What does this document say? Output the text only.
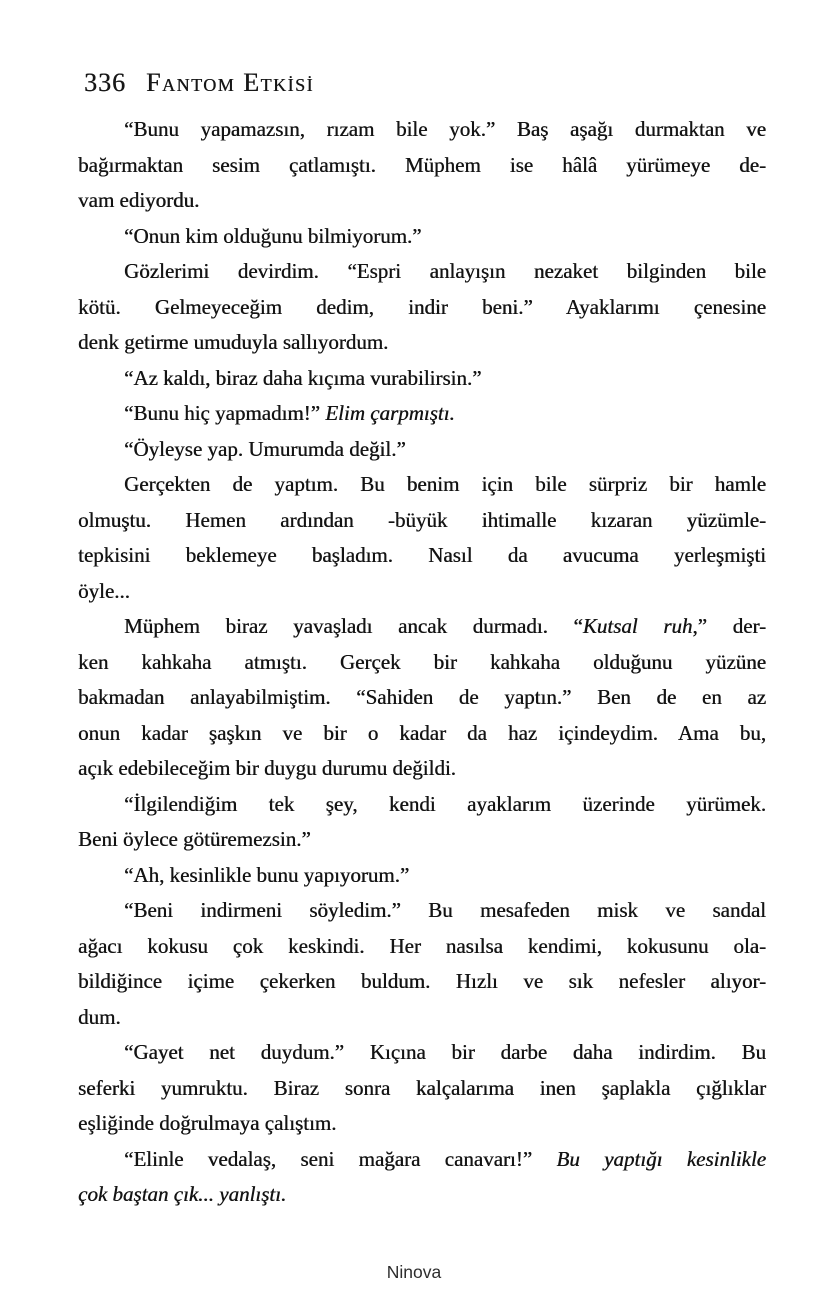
336 Fantom Etkisi
“Bunu yapamazsın, rızam bile yok.” Baş aşağı durmaktan ve
bağırmaktan sesim çatlamıştı. Müphem ise hâlâ yürümeye de-
vam ediyordu.
“Onun kim olduğunu bilmiyorum.”
Gözlerimi devirdim. “Espri anlayışın nezaket bilginden bile
kötü. Gelmeyeceğim dedim, indir beni.” Ayaklarımı çenesine
denk getirme umuduyla sallıyordum.
“Az kaldı, biraz daha kıçıma vurabilirsin.”
“Bunu hiç yapmadım!” Elim çarpmıştı.
“Öyleyse yap. Umurumda değil.”
Gerçekten de yaptım. Bu benim için bile sürpriz bir hamle
olmuştu. Hemen ardından -büyük ihtimalle kızaran yüzümle-
tepkisini beklemeye başladım. Nasıl da avucuma yerleşmişti
öyle...
Müphem biraz yavaşladı ancak durmadı. “Kutsal ruh,” der-
ken kahkaha atmıştı. Gerçek bir kahkaha olduğunu yüzüne
bakmadan anlayabilmiştim. “Sahiden de yaptın.” Ben de en az
onun kadar şaşkın ve bir o kadar da haz içindeydim. Ama bu,
açık edebileceğim bir duygu durumu değildi.
“İlgilendiğim tek şey, kendi ayaklarım üzerinde yürümek.
Beni öylece götüremezsin.”
“Ah, kesinlikle bunu yapıyorum.”
“Beni indirmeni söyledim.” Bu mesafeden misk ve sandal
ağacı kokusu çok keskindi. Her nasılsa kendimi, kokusunu ola-
bildiğince içime çekerken buldum. Hızlı ve sık nefesler alıyor-
dum.
“Gayet net duydum.” Kıçına bir darbe daha indirdim. Bu
seferki yumruktu. Biraz sonra kalçalarıma inen şaplakla çığlıklar
eşliğinde doğrulmaya çalıştım.
“Elinle vedalaş, seni mağara canavarı!” Bu yaptığı kesinlikle
çok baştan çık... yanlıştı.
Ninova
